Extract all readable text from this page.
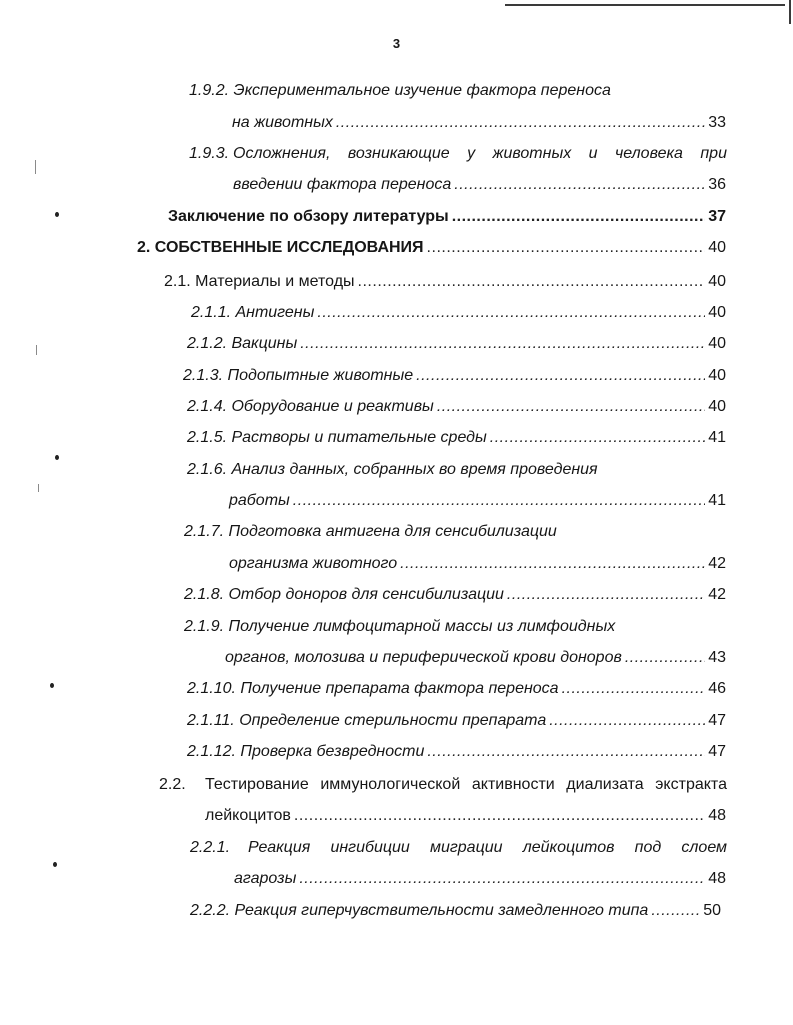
3
1.9.2. Экспериментальное изучение фактора переноса
на животных .....	33
1.9.3. Осложнения, возникающие у животных и человека при
введении фактора переноса .....	36
Заключение по обзору литературы .....	37
2. СОБСТВЕННЫЕ ИССЛЕДОВАНИЯ .....	40
2.1. Материалы и методы .....	40
2.1.1. Антигены .....	40
2.1.2. Вакцины .....	40
2.1.3. Подопытные животные .....	40
2.1.4. Оборудование и реактивы .....	40
2.1.5. Растворы и питательные среды .....	41
2.1.6. Анализ данных, собранных во время проведения
работы .....	41
2.1.7. Подготовка антигена для сенсибилизации
организма животного .....	42
2.1.8. Отбор доноров для сенсибилизации .....	42
2.1.9. Получение лимфоцитарной массы из лимфоидных
органов, молозива и периферической крови доноров .....	43
2.1.10. Получение препарата фактора переноса .....	46
2.1.11. Определение стерильности препарата .....	47
2.1.12. Проверка безвредности .....	47
2.2. Тестирование иммунологической активности диализата экстракта
лейкоцитов .....	48
2.2.1. Реакция ингибиции миграции лейкоцитов под слоем
агарозы .....	48
2.2.2. Реакция гиперчувствительности замедленного типа .....	50
